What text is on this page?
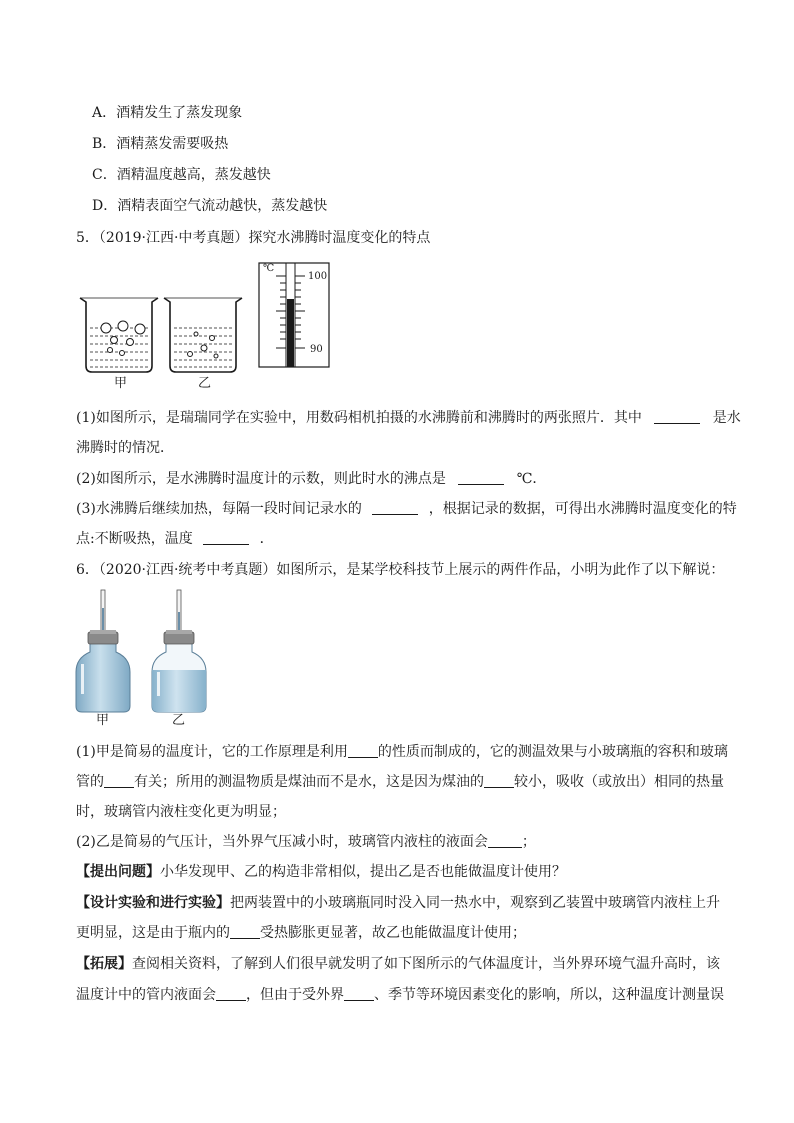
A．酒精发生了蒸发现象
B．酒精蒸发需要吸热
C．酒精温度越高，蒸发越快
D．酒精表面空气流动越快，蒸发越快
5．（2019·江西·中考真题）探究水沸腾时温度变化的特点
甲	乙
℃
100
90
(1)如图所示，是瑞瑞同学在实验中，用数码相机拍摄的水沸腾前和沸腾时的两张照片．其中	是水
沸腾时的情况．
(2)如图所示，是水沸腾时温度计的示数，则此时水的沸点是	℃．
(3)水沸腾后继续加热，每隔一段时间记录水的	，根据记录的数据，可得出水沸腾时温度变化的特
点:不断吸热，温度	．
6．（2020·江西·统考中考真题）如图所示，是某学校科技节上展示的两件作品，小明为此作了以下解说：
甲	乙
(1)甲是简易的温度计，它的工作原理是利用 的性质而制成的，它的测温效果与小玻璃瓶的容积和玻璃
管的 有关；所用的测温物质是煤油而不是水，这是因为煤油的 较小，吸收（或放出）相同的热量
时，玻璃管内液柱变化更为明显；
(2)乙是简易的气压计，当外界气压减小时，玻璃管内液柱的液面会 ；
【提出问题】小华发现甲、乙的构造非常相似，提出乙是否也能做温度计使用？
【设计实验和进行实验】把两装置中的小玻璃瓶同时没入同一热水中，观察到乙装置中玻璃管内液柱上升
更明显，这是由于瓶内的 受热膨胀更显著，故乙也能做温度计使用；
【拓展】查阅相关资料，了解到人们很早就发明了如下图所示的气体温度计，当外界环境气温升高时，该
温度计中的管内液面会 ，但由于受外界 、季节等环境因素变化的影响，所以，这种温度计测量误
